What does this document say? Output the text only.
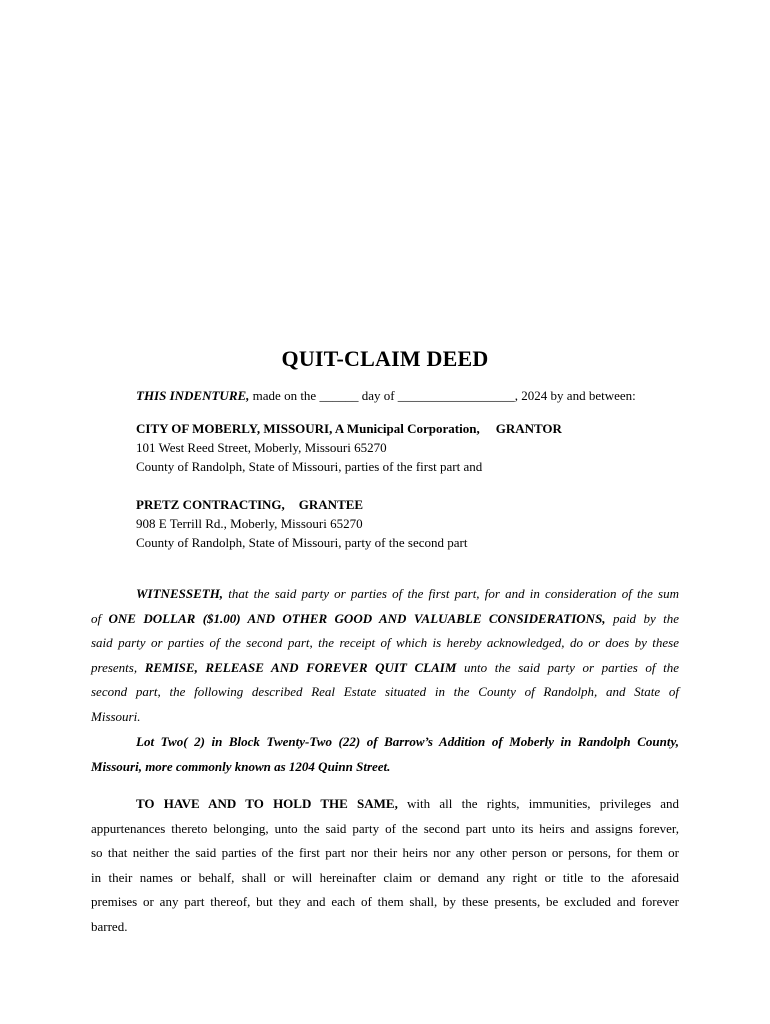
QUIT-CLAIM DEED
THIS INDENTURE, made on the ______ day of __________________, 2024 by and between:
CITY OF MOBERLY, MISSOURI, A Municipal Corporation, GRANTOR
101 West Reed Street, Moberly, Missouri 65270
County of Randolph, State of Missouri, parties of the first part and
PRETZ CONTRACTING, GRANTEE
908 E Terrill Rd., Moberly, Missouri 65270
County of Randolph, State of Missouri, party of the second part
WITNESSETH, that the said party or parties of the first part, for and in consideration of the sum
of ONE DOLLAR ($1.00) AND OTHER GOOD AND VALUABLE CONSIDERATIONS, paid by the
said party or parties of the second part, the receipt of which is hereby acknowledged, do or does by these
presents, REMISE, RELEASE AND FOREVER QUIT CLAIM unto the said party or parties of the
second part, the following described Real Estate situated in the County of Randolph, and State of
Missouri.
Lot Two( 2) in Block Twenty-Two (22) of Barrow’s Addition of Moberly in Randolph County,
Missouri, more commonly known as 1204 Quinn Street.
TO HAVE AND TO HOLD THE SAME, with all the rights, immunities, privileges and
appurtenances thereto belonging, unto the said party of the second part unto its heirs and assigns forever,
so that neither the said parties of the first part nor their heirs nor any other person or persons, for them or
in their names or behalf, shall or will hereinafter claim or demand any right or title to the aforesaid
premises or any part thereof, but they and each of them shall, by these presents, be excluded and forever
barred.
